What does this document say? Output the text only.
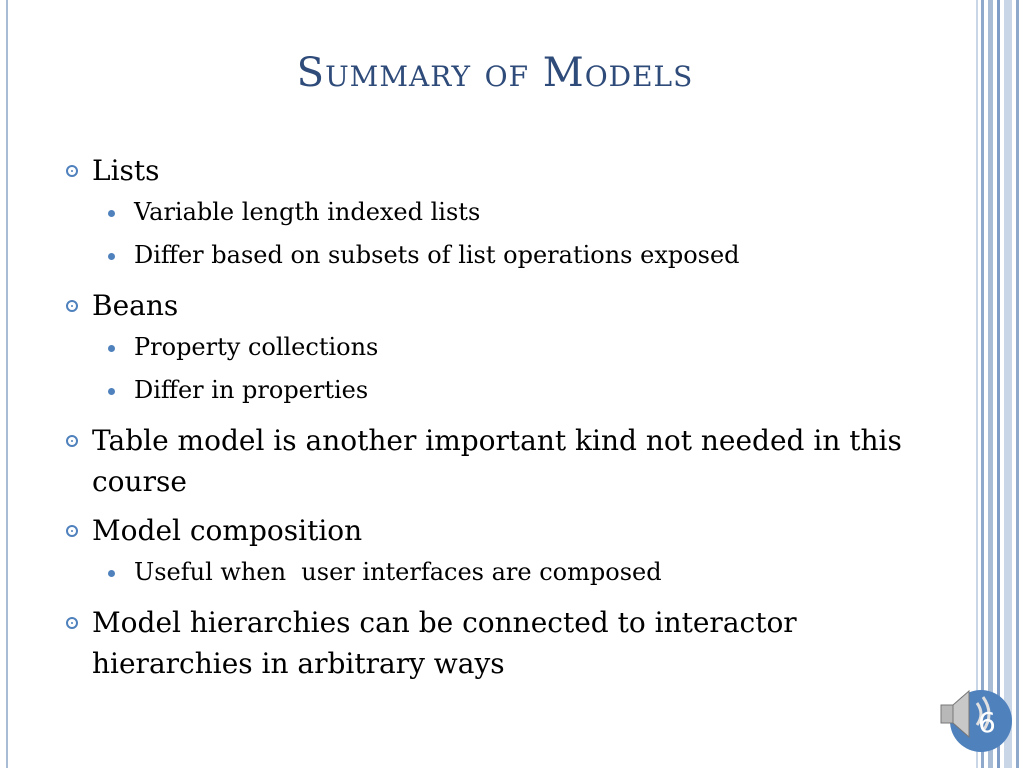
Summary of Models
Lists
Variable length indexed lists
Differ based on subsets of list operations exposed
Beans
Property collections
Differ in properties
Table model is another important kind not needed in this course
Model composition
Useful when  user interfaces are composed
Model hierarchies can be connected to interactor hierarchies in arbitrary ways
6
